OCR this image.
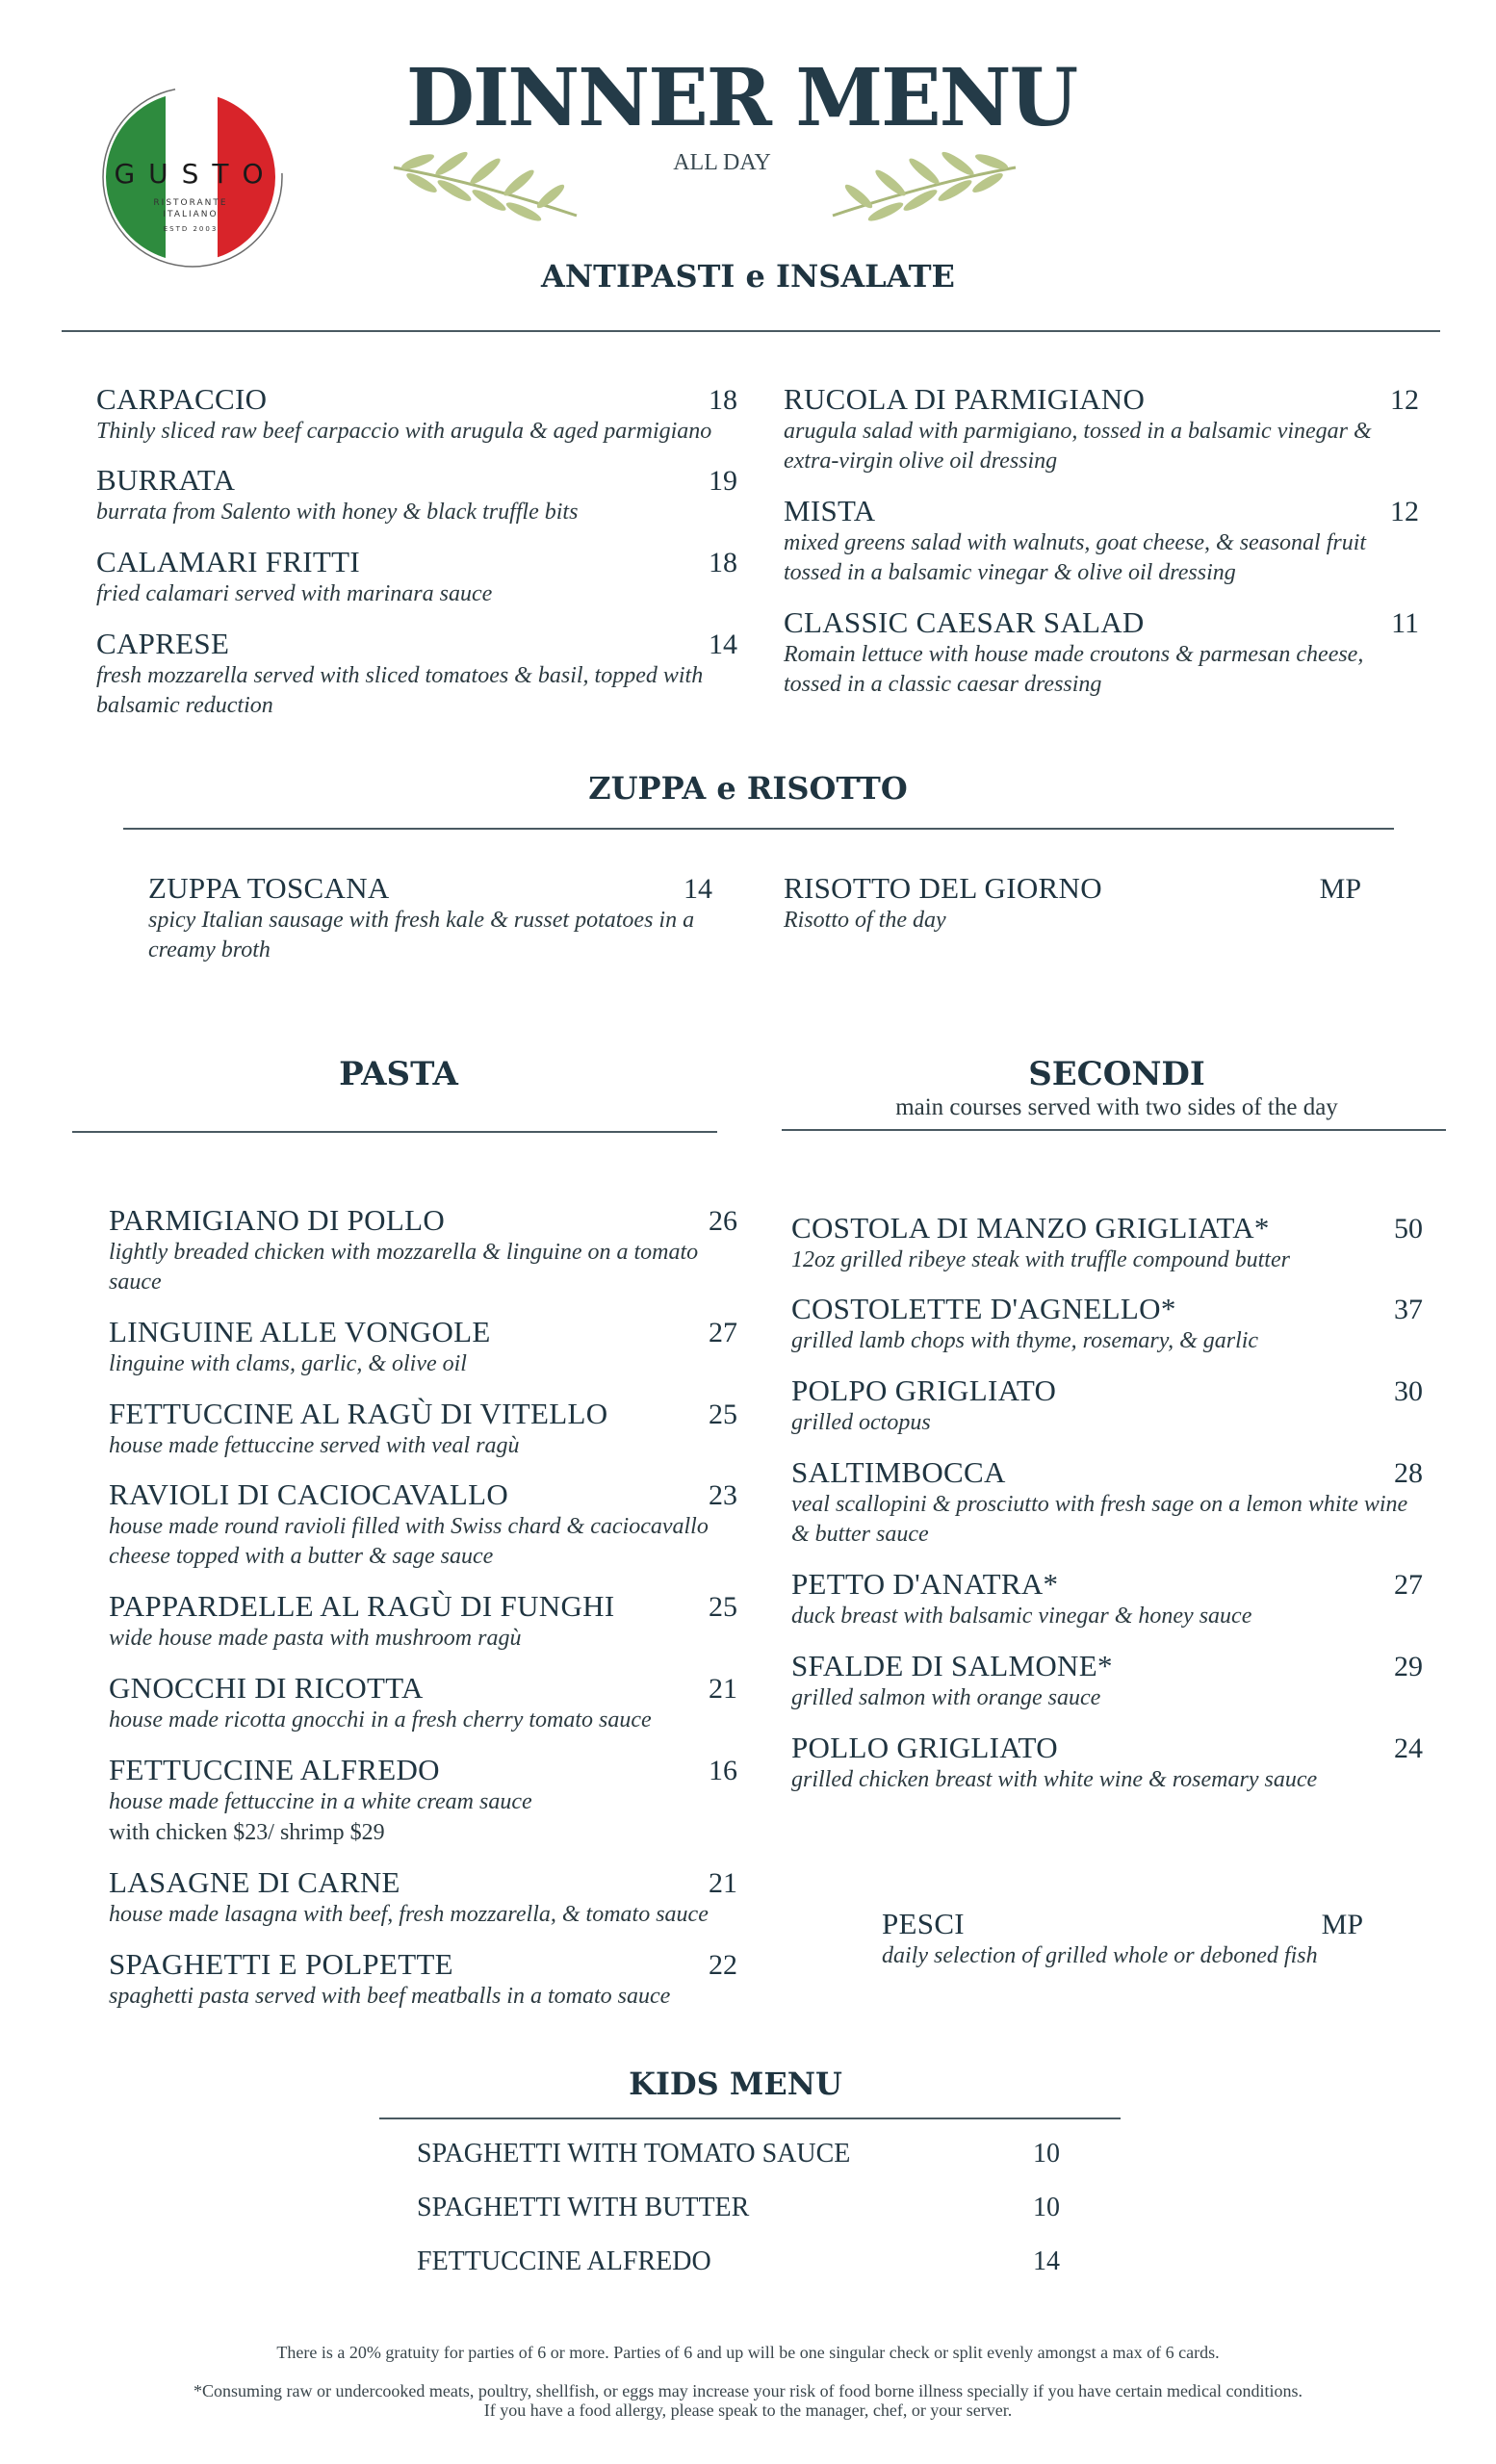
GUSTO
RISTORANTE
ITALIANO
ESTD 2003
DINNER MENU
ALL DAY
ANTIPASTI e INSALATE
CARPACCIO	18
Thinly sliced raw beef carpaccio with arugula & aged parmigiano
BURRATA	19
burrata from Salento with honey & black truffle bits
CALAMARI FRITTI	18
fried calamari served with marinara sauce
CAPRESE	14
fresh mozzarella served with sliced tomatoes & basil, topped with balsamic reduction
RUCOLA DI PARMIGIANO	12
arugula salad with parmigiano, tossed in a balsamic vinegar & extra-virgin olive oil dressing
MISTA	12
mixed greens salad with walnuts, goat cheese, & seasonal fruit tossed in a balsamic vinegar & olive oil dressing
CLASSIC CAESAR SALAD	11
Romain lettuce with house made croutons & parmesan cheese, tossed in a classic caesar dressing
ZUPPA e RISOTTO
ZUPPA TOSCANA	14
spicy Italian sausage with fresh kale & russet potatoes in a creamy broth
RISOTTO DEL GIORNO	MP
Risotto of the day
PASTA
PARMIGIANO DI POLLO	26
lightly breaded chicken with mozzarella & linguine on a tomato sauce
LINGUINE ALLE VONGOLE	27
linguine with clams, garlic, & olive oil
FETTUCCINE AL RAGÙ DI VITELLO	25
house made fettuccine served with veal ragù
RAVIOLI DI CACIOCAVALLO	23
house made round ravioli filled with Swiss chard & caciocavallo cheese topped with a butter & sage sauce
PAPPARDELLE AL RAGÙ DI FUNGHI	25
wide house made pasta with mushroom ragù
GNOCCHI DI RICOTTA	21
house made ricotta gnocchi in a fresh cherry tomato sauce
FETTUCCINE ALFREDO	16
house made fettuccine in a white cream sauce
with chicken $23/ shrimp $29
LASAGNE DI CARNE	21
house made lasagna with beef, fresh mozzarella, & tomato sauce
SPAGHETTI E POLPETTE	22
spaghetti pasta served with beef meatballs in a tomato sauce
SECONDI
main courses served with two sides of the day
COSTOLA DI MANZO GRIGLIATA*	50
12oz grilled ribeye steak with truffle compound butter
COSTOLETTE D'AGNELLO*	37
grilled lamb chops with thyme, rosemary, & garlic
POLPO GRIGLIATO	30
grilled octopus
SALTIMBOCCA	28
veal scallopini & prosciutto with fresh sage on a lemon white wine & butter sauce
PETTO D'ANATRA*	27
duck breast with balsamic vinegar & honey sauce
SFALDE DI SALMONE*	29
grilled salmon with orange sauce
POLLO GRIGLIATO	24
grilled chicken breast with white wine & rosemary sauce
PESCI	MP
daily selection of grilled whole or deboned fish
KIDS MENU
SPAGHETTI WITH TOMATO SAUCE	10
SPAGHETTI WITH BUTTER	10
FETTUCCINE ALFREDO	14
There is a 20% gratuity for parties of 6 or more. Parties of 6 and up will be one singular check or split evenly amongst a max of 6 cards.
*Consuming raw or undercooked meats, poultry, shellfish, or eggs may increase your risk of food borne illness specially if you have certain medical conditions.
If you have a food allergy, please speak to the manager, chef, or your server.
